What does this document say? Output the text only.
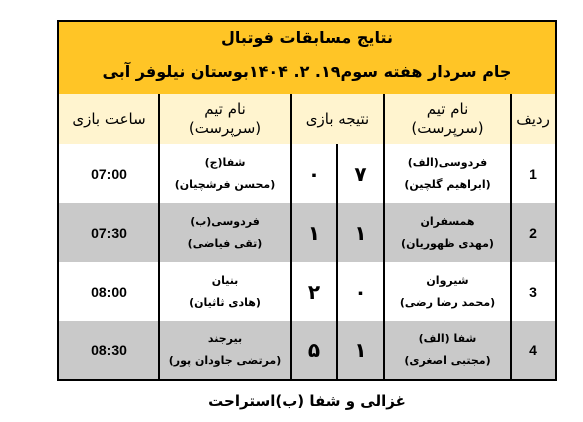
نتایج مسابقات فوتبال
جام سردار هفته سوم۱۹. ۲. ۱۴۰۴بوستان نیلوفر آبی
ردیف
نام تیم
(سرپرست)
نتیجه بازی
نام تیم
(سرپرست)
ساعت بازی
1
فردوسی(الف)
(ابراهیم گلچین)
۷
۰
شفا(ج)
(محسن فرشچیان)
07:00
2
همسفران
(مهدی ظهوریان)
۱
۱
فردوسی(ب)
(تقی فیاضی)
07:30
3
شیروان
(محمد رضا رضی)
۰
۲
بنیان
(هادی ثاثیان)
08:00
4
شفا (الف)
(مجتبی اصغری)
۱
۵
بیرجند
(مرتضی جاودان پور)
08:30
غزالی و شفا (ب)استراحت
